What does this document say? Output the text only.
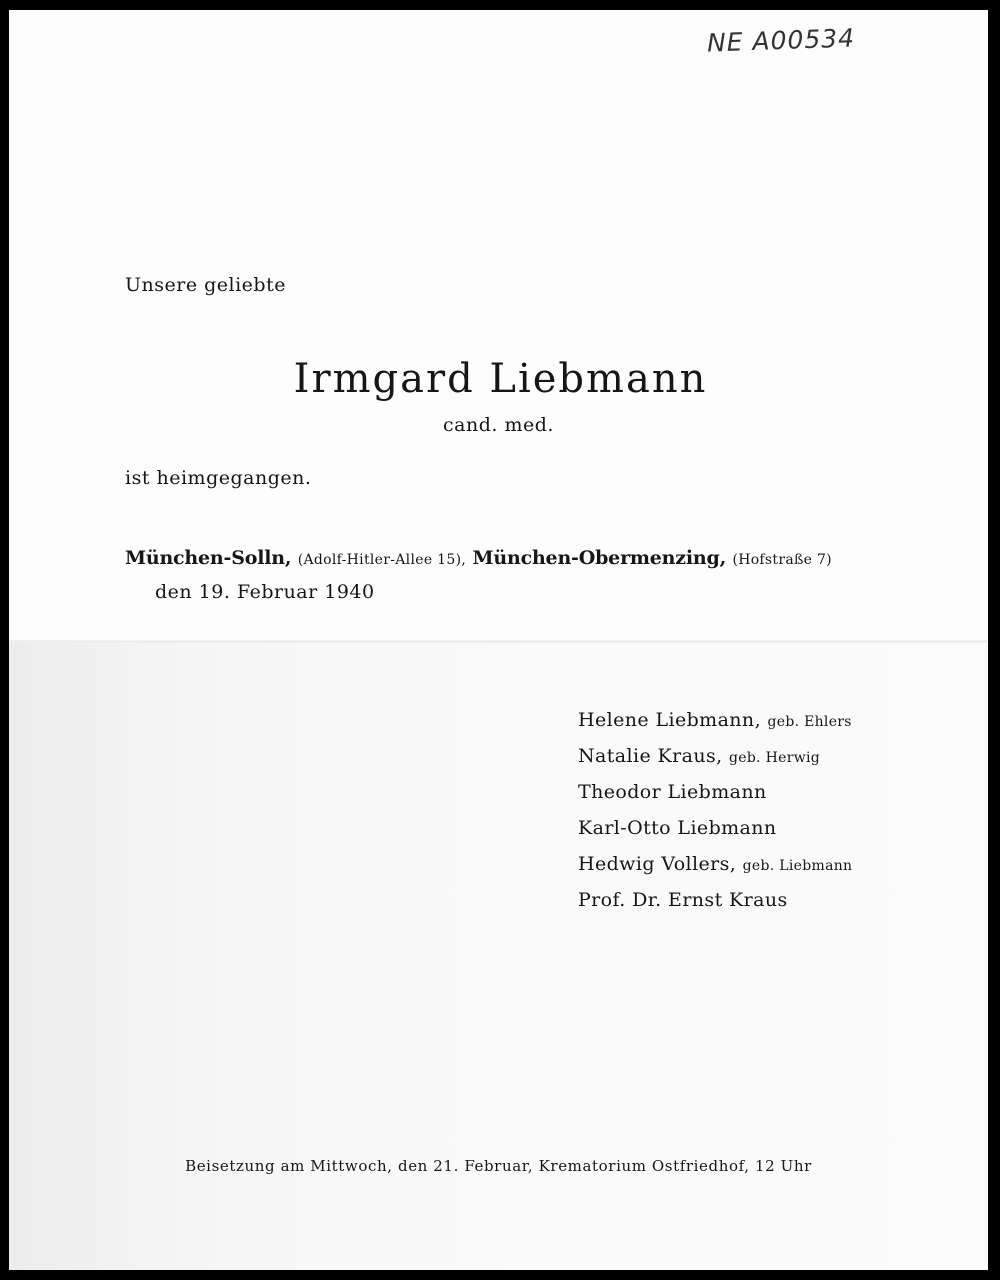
NE A00534
Unsere geliebte
Irmgard Liebmann
cand. med.
ist heimgegangen.
München-Solln, (Adolf-Hitler-Allee 15), München-Obermenzing, (Hofstraße 7)
den 19. Februar 1940
Helene Liebmann, geb. Ehlers
Natalie Kraus, geb. Herwig
Theodor Liebmann
Karl-Otto Liebmann
Hedwig Vollers, geb. Liebmann
Prof. Dr. Ernst Kraus
Beisetzung am Mittwoch, den 21. Februar, Krematorium Ostfriedhof, 12 Uhr
